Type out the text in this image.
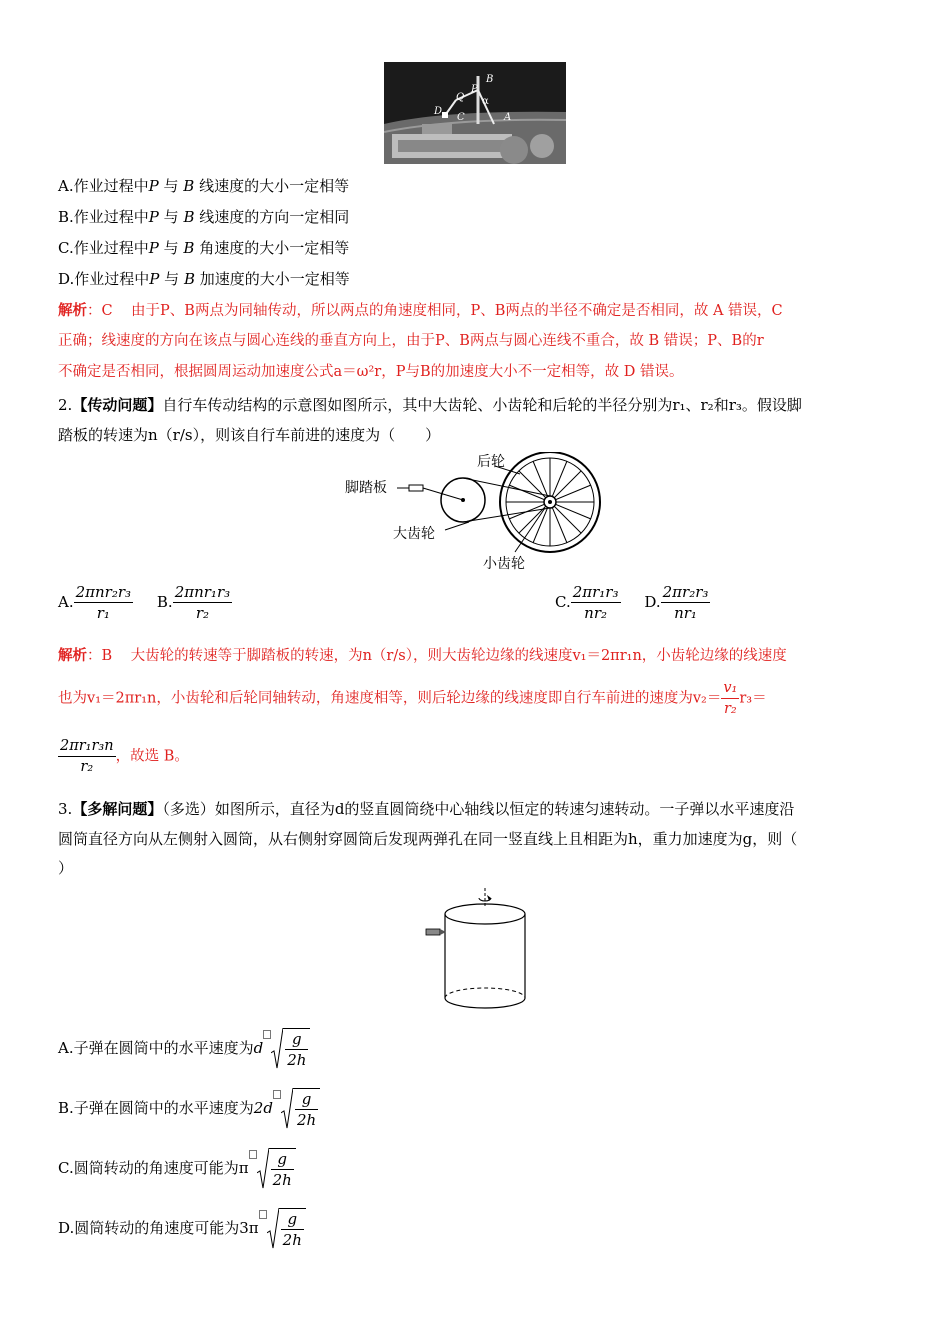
B
P
Q
D
C
α
A
A.作业过程中P 与 B 线速度的大小一定相等
B.作业过程中P 与 B 线速度的方向一定相同
C.作业过程中P 与 B 角速度的大小一定相等
D.作业过程中P 与 B 加速度的大小一定相等
解析：C 由于P、B两点为同轴传动，所以两点的角速度相同，P、B两点的半径不确定是否相同，故 A 错误，C
正确；线速度的方向在该点与圆心连线的垂直方向上，由于P、B两点与圆心连线不重合，故 B 错误；P、B的r
不确定是否相同，根据圆周运动加速度公式a＝ω²r，P与B的加速度大小不一定相等，故 D 错误。
2.【传动问题】自行车传动结构的示意图如图所示，其中大齿轮、小齿轮和后轮的半径分别为r₁、r₂和r₃。假设脚
踏板的转速为n（r/s），则该自行车前进的速度为（　　）
后轮
脚踏板
大齿轮
小齿轮
A. $\frac{\text{2πnr₂r₃}}{\text{r₁}} B$. $\frac{\text{2πnr₁r₃}}{\text{r₂}}$	C. $\frac{\text{2πr₁r₃}}{\text{nr₂}} D$. $\frac{\text{2πr₂r₃}}{\text{nr₁}}$
解析：B 大齿轮的转速等于脚踏板的转速，为n（r/s），则大齿轮边缘的线速度v₁＝2πr₁n，小齿轮边缘的线速度
也为v₁＝2πr₁n，小齿轮和后轮同轴转动，角速度相等，则后轮边缘的线速度即自行车前进的速度为$v_2= \frac{\text{v₁}}{\text{r₂}} r_3=$
$\frac{\text{2πr₁r₃n}}{\text{r₂}}$ ，故选 B。
3.【多解问题】（多选）如图所示，直径为d的竖直圆筒绕中心轴线以恒定的转速匀速转动。一子弹以水平速度沿
圆筒直径方向从左侧射入圆筒，从右侧射穿圆筒后发现两弹孔在同一竖直线上且相距为h，重力加速度为g，则（
）
A.子弹在圆筒中的水平速度为d $\frac{g}{2h}$
B.子弹在圆筒中的水平速度为$2d \frac{g}{2h}$
C.圆筒转动的角速度可能为π $\frac{g}{2h}$
D.圆筒转动的角速度可能为$3\pi \frac{g}{2h}$
